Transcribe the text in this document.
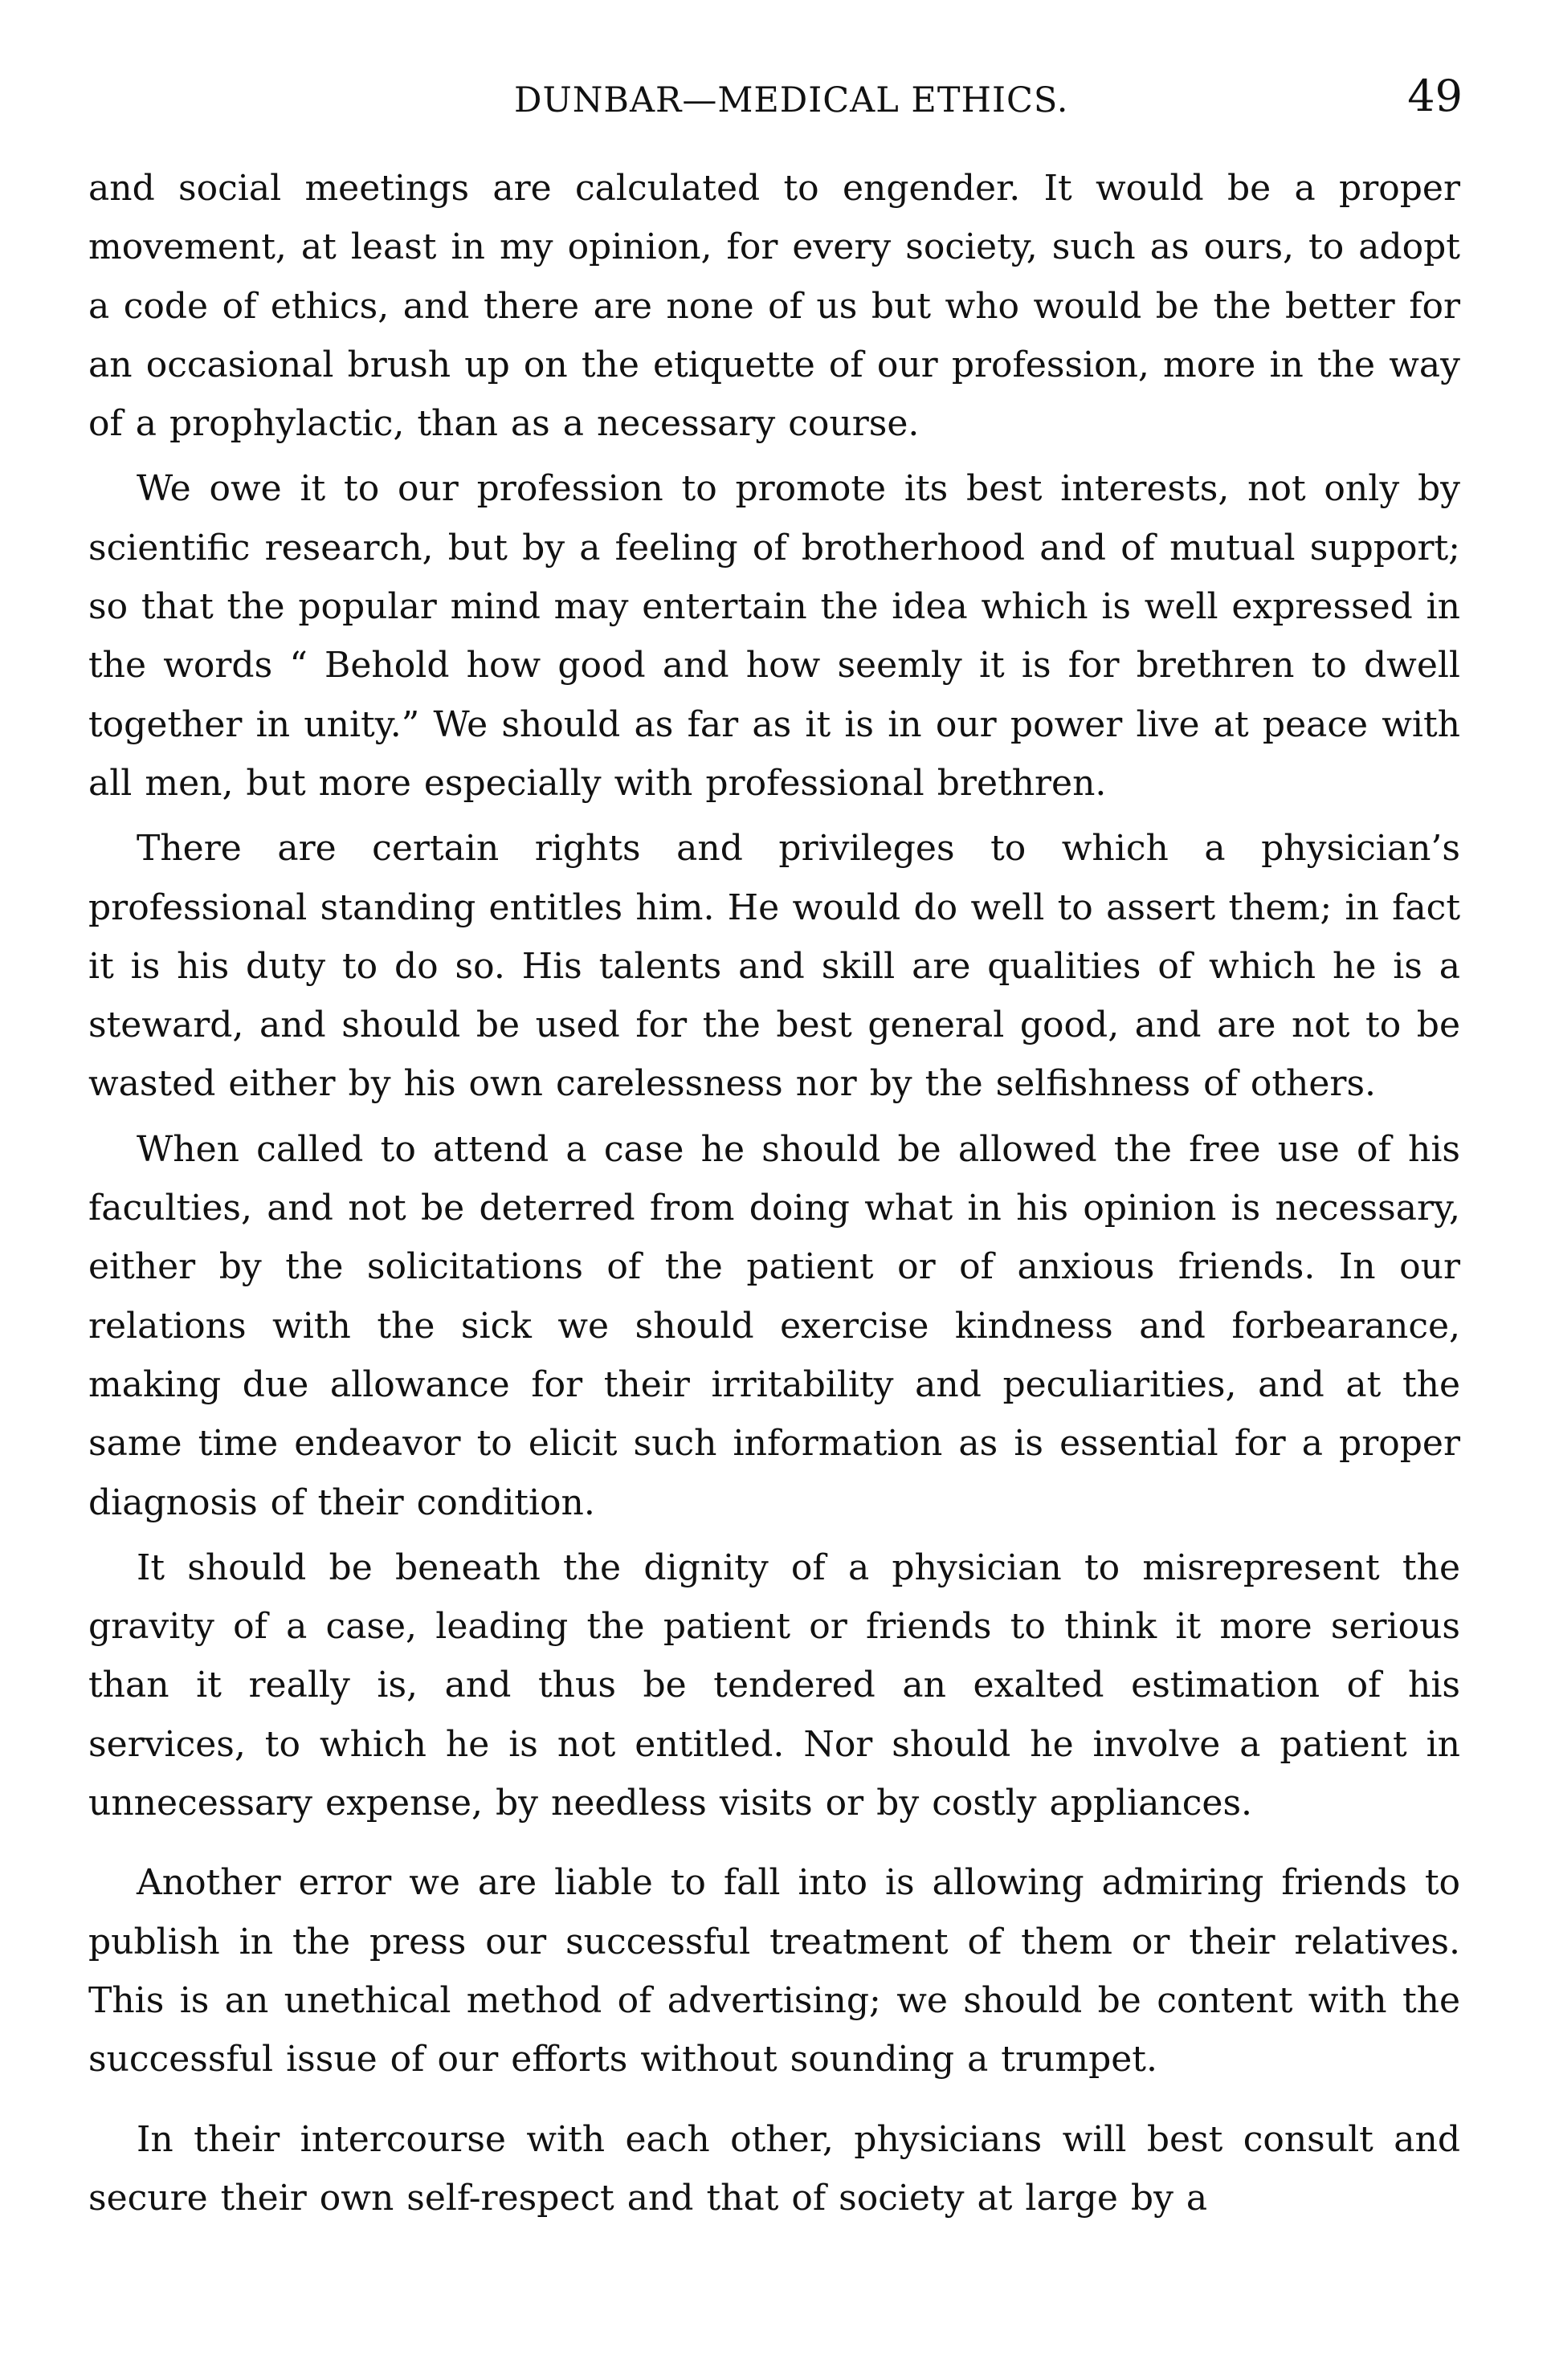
DUNBAR—MEDICAL ETHICS.	49

and social meetings are calculated to engender. It would be a proper movement, at least in my opinion, for every society, such as ours, to adopt a code of ethics, and there are none of us but who would be the better for an occasional brush up on the etiquette of our profession, more in the way of a prophylactic, than as a necessary course.

We owe it to our profession to promote its best interests, not only by scientific research, but by a feeling of brotherhood and of mutual support; so that the popular mind may entertain the idea which is well expressed in the words “ Behold how good and how seemly it is for brethren to dwell together in unity.” We should as far as it is in our power live at peace with all men, but more especially with professional brethren.

There are certain rights and privileges to which a physician’s professional standing entitles him. He would do well to assert them; in fact it is his duty to do so. His talents and skill are qualities of which he is a steward, and should be used for the best general good, and are not to be wasted either by his own carelessness nor by the selfishness of others.

When called to attend a case he should be allowed the free use of his faculties, and not be deterred from doing what in his opinion is necessary, either by the solicitations of the patient or of anxious friends. In our relations with the sick we should exercise kindness and forbearance, making due allowance for their irritability and peculiarities, and at the same time endeavor to elicit such information as is essential for a proper diagnosis of their condition.

It should be beneath the dignity of a physician to misrepresent the gravity of a case, leading the patient or friends to think it more serious than it really is, and thus be tendered an exalted estimation of his services, to which he is not entitled. Nor should he involve a patient in unnecessary expense, by needless visits or by costly appliances.

Another error we are liable to fall into is allowing admiring friends to publish in the press our successful treatment of them or their relatives. This is an unethical method of advertising; we should be content with the successful issue of our efforts without sounding a trumpet.

In their intercourse with each other, physicians will best consult and secure their own self-respect and that of society at large by a
